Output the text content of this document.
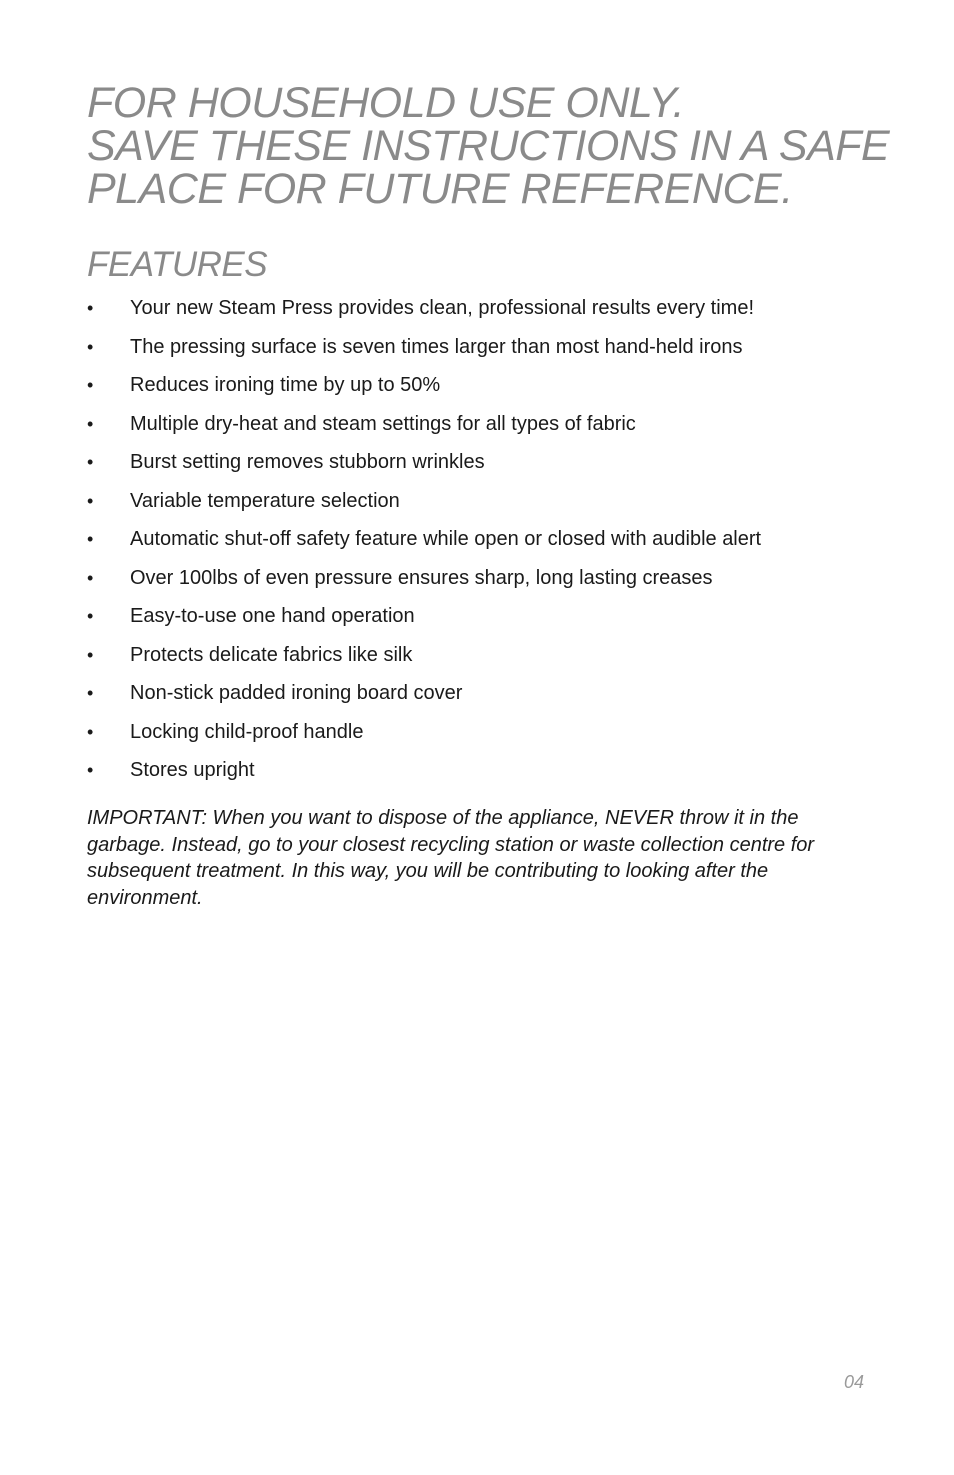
FOR HOUSEHOLD USE ONLY.
SAVE THESE INSTRUCTIONS IN A SAFE
PLACE FOR FUTURE REFERENCE.
FEATURES
• Your new Steam Press provides clean, professional results every time!
• The pressing surface is seven times larger than most hand-held irons
• Reduces ironing time by up to 50%
• Multiple dry-heat and steam settings for all types of fabric
• Burst setting removes stubborn wrinkles
• Variable temperature selection
• Automatic shut-off safety feature while open or closed with audible alert
• Over 100lbs of even pressure ensures sharp, long lasting creases
• Easy-to-use one hand operation
• Protects delicate fabrics like silk
• Non-stick padded ironing board cover
• Locking child-proof handle
• Stores upright

IMPORTANT: When you want to dispose of the appliance, NEVER throw it in the garbage. Instead, go to your closest recycling station or waste collection centre for subsequent treatment. In this way, you will be contributing to looking after the environment.

04
